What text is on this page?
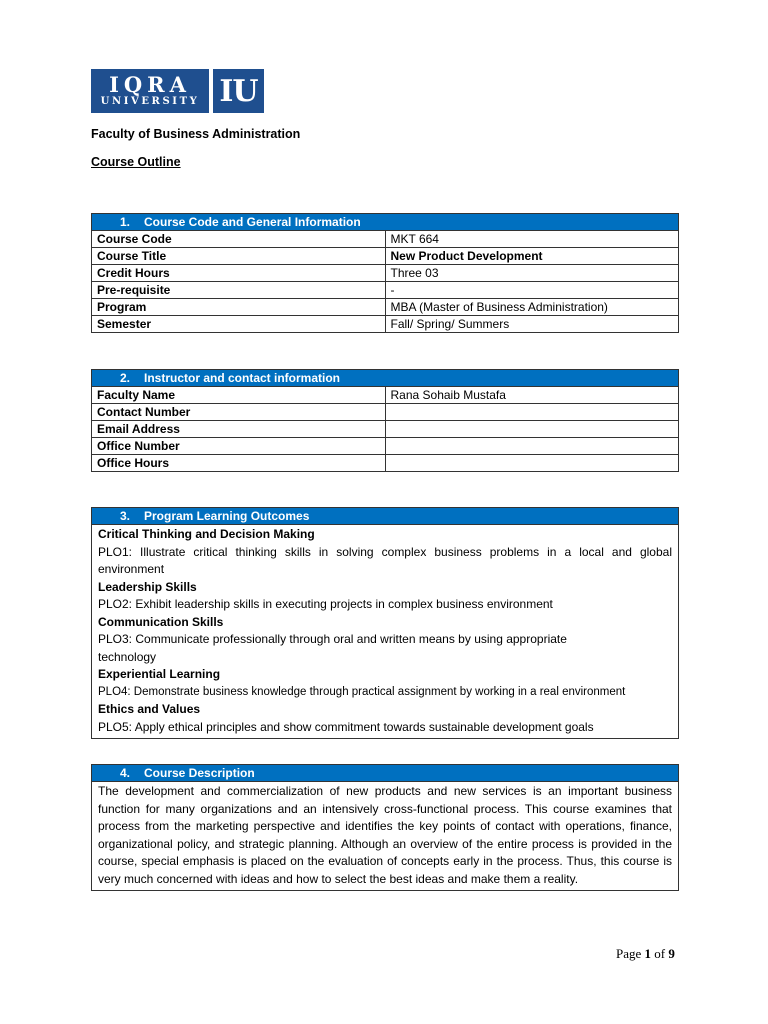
IQRA
UNIVERSITY IU
Faculty of Business Administration
Course Outline
1. Course Code and General Information	
Course Code	MKT 664
Course Title	New Product Development
Credit Hours	Three 03
Pre-requisite	-
Program	MBA (Master of Business Administration)
Semester	Fall/ Spring/ Summers
2. Instructor and contact information	
Faculty Name	Rana Sohaib Mustafa
Contact Number	
Email Address	
Office Number	
Office Hours	
3. Program Learning Outcomes

Critical Thinking and Decision Making
PLO1: Illustrate critical thinking skills in solving complex business problems in a local and global environment
Leadership Skills
PLO2: Exhibit leadership skills in executing projects in complex business environment
Communication Skills
PLO3: Communicate professionally through oral and written means by using appropriate technology
Experiential Learning
PLO4: Demonstrate business knowledge through practical assignment by working in a real environment
Ethics and Values
PLO5: Apply ethical principles and show commitment towards sustainable development goals
4. Course Description
The development and commercialization of new products and new services is an important business function for many organizations and an intensively cross-functional process. This course examines that process from the marketing perspective and identifies the key points of contact with operations, finance, organizational policy, and strategic planning. Although an overview of the entire process is provided in the course, special emphasis is placed on the evaluation of concepts early in the process. Thus, this course is very much concerned with ideas and how to select the best ideas and make them a reality.
Page 1 of 9
